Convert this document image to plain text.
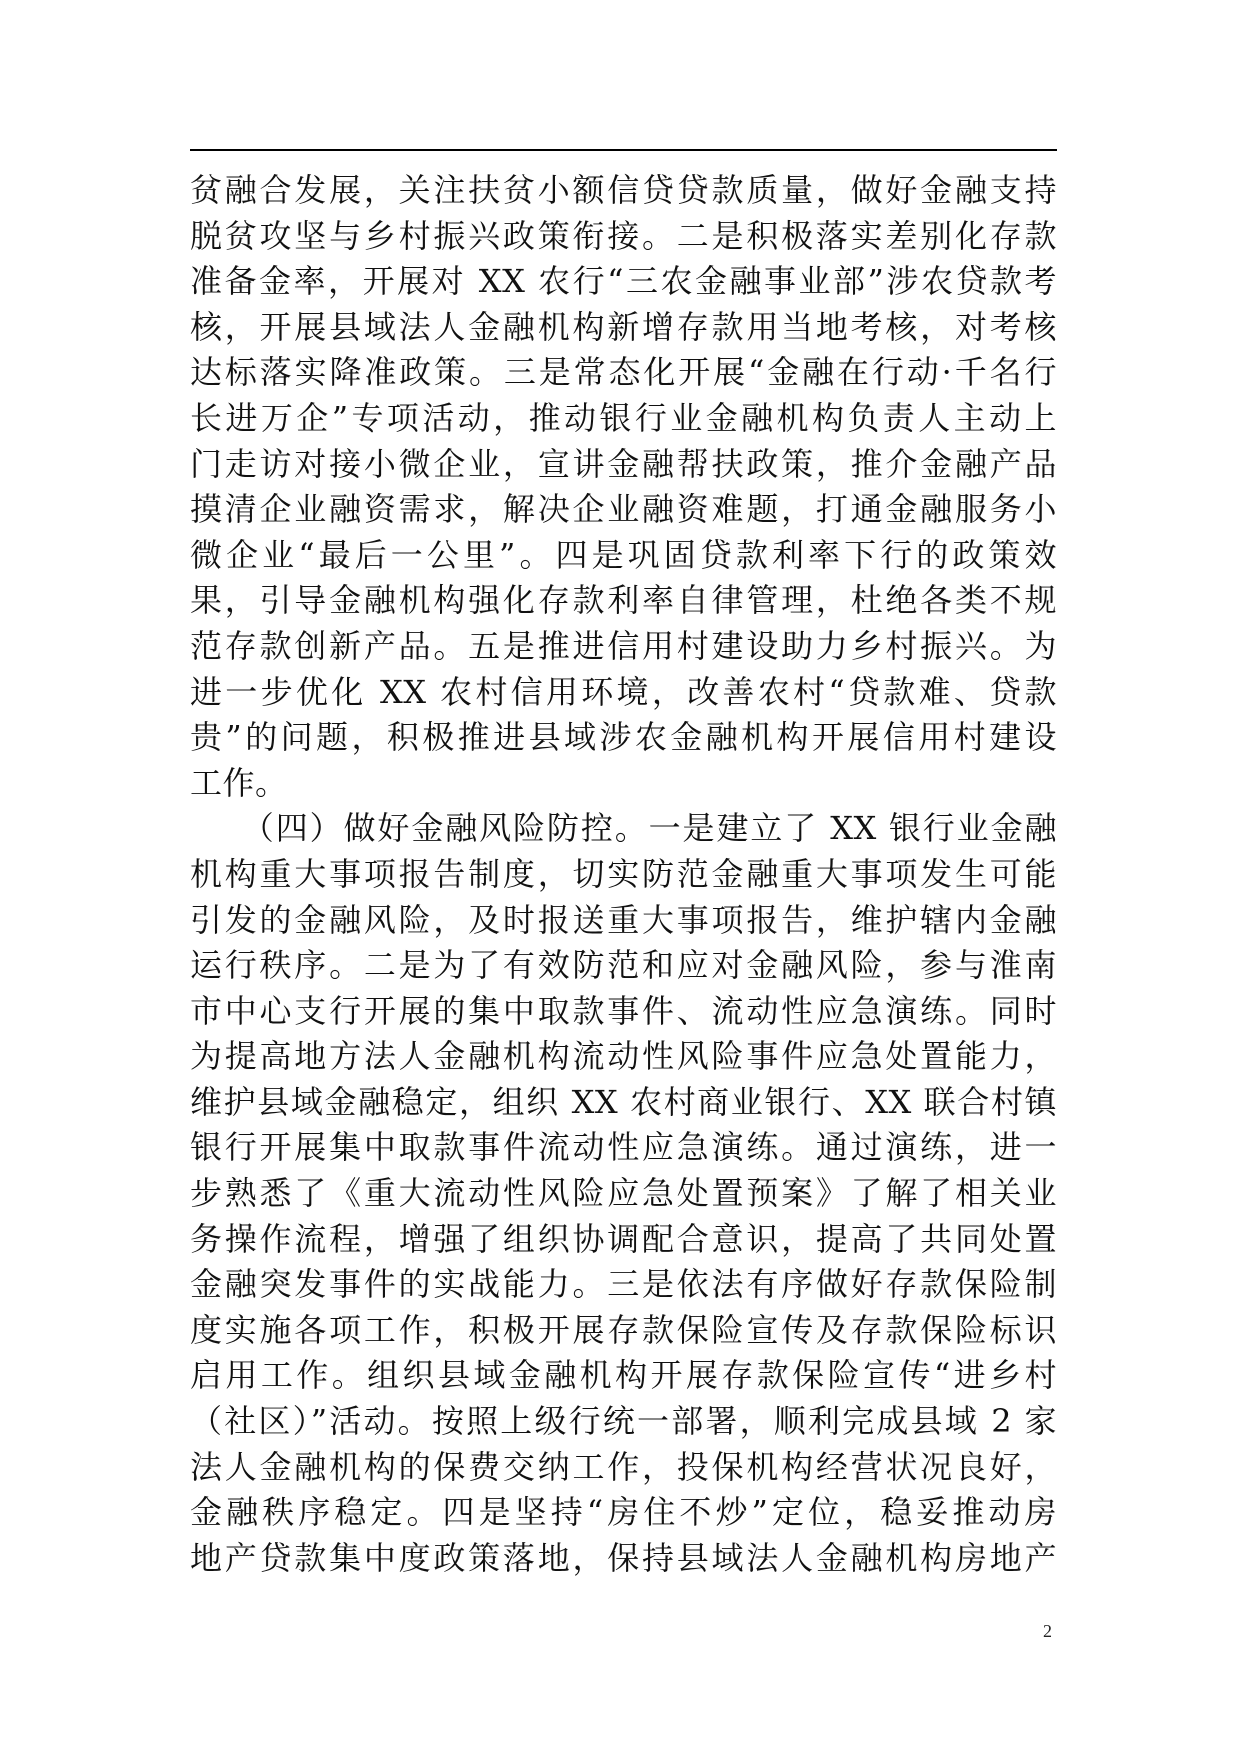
贫融合发展，关注扶贫小额信贷贷款质量，做好金融支持
脱贫攻坚与乡村振兴政策衔接。二是积极落实差别化存款
准备金率，开展对 XX 农行“三农金融事业部”涉农贷款考
核，开展县域法人金融机构新增存款用当地考核，对考核
达标落实降准政策。三是常态化开展“金融在行动·千名行
长进万企”专项活动，推动银行业金融机构负责人主动上
门走访对接小微企业，宣讲金融帮扶政策，推介金融产品
摸清企业融资需求，解决企业融资难题，打通金融服务小
微企业“最后一公里”。四是巩固贷款利率下行的政策效
果，引导金融机构强化存款利率自律管理，杜绝各类不规
范存款创新产品。五是推进信用村建设助力乡村振兴。为
进一步优化 XX 农村信用环境，改善农村“贷款难、贷款
贵”的问题，积极推进县域涉农金融机构开展信用村建设
工作。
　　（四）做好金融风险防控。一是建立了 XX 银行业金融
机构重大事项报告制度，切实防范金融重大事项发生可能
引发的金融风险，及时报送重大事项报告，维护辖内金融
运行秩序。二是为了有效防范和应对金融风险，参与淮南
市中心支行开展的集中取款事件、流动性应急演练。同时
为提高地方法人金融机构流动性风险事件应急处置能力，
维护县域金融稳定，组织 XX 农村商业银行、XX 联合村镇
银行开展集中取款事件流动性应急演练。通过演练，进一
步熟悉了《重大流动性风险应急处置预案》了解了相关业
务操作流程，增强了组织协调配合意识，提高了共同处置
金融突发事件的实战能力。三是依法有序做好存款保险制
度实施各项工作，积极开展存款保险宣传及存款保险标识
启用工作。组织县域金融机构开展存款保险宣传“进乡村
（社区）”活动。按照上级行统一部署，顺利完成县域 2 家
法人金融机构的保费交纳工作，投保机构经营状况良好，
金融秩序稳定。四是坚持“房住不炒”定位，稳妥推动房
地产贷款集中度政策落地，保持县域法人金融机构房地产
2
